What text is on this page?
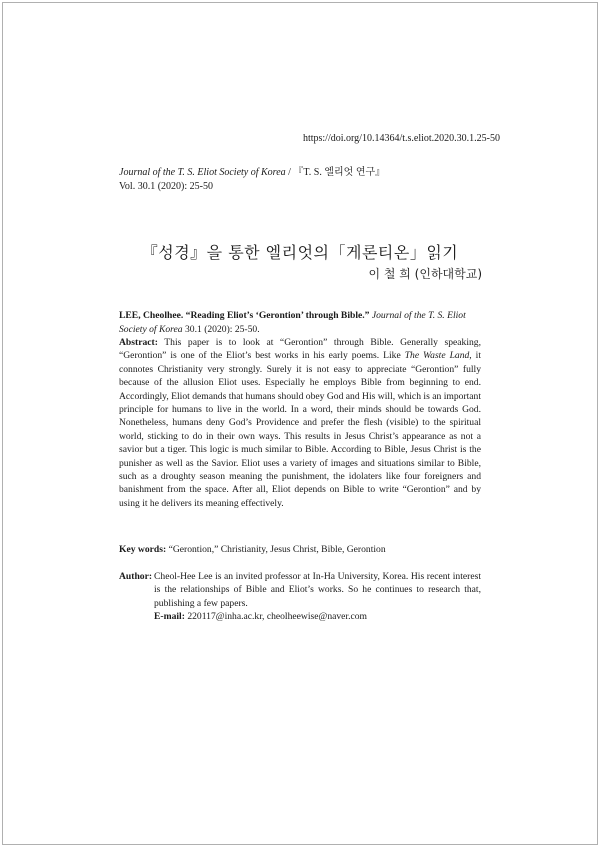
https://doi.org/10.14364/t.s.eliot.2020.30.1.25-50
Journal of the T. S. Eliot Society of Korea / 『T. S. 엘리엇 연구』
Vol. 30.1 (2020): 25-50
『성경』을 통한 엘리엇의「게론티온」읽기
이 철 희 (인하대학교)
LEE, Cheolhee. “Reading Eliot’s ‘Gerontion’ through Bible.” Journal of the T. S. Eliot Society of Korea 30.1 (2020): 25-50.
Abstract: This paper is to look at “Gerontion” through Bible. Generally speaking, “Gerontion” is one of the Eliot’s best works in his early poems. Like The Waste Land, it connotes Christianity very strongly. Surely it is not easy to appreciate “Gerontion” fully because of the allusion Eliot uses. Especially he employs Bible from beginning to end. Accordingly, Eliot demands that humans should obey God and His will, which is an important principle for humans to live in the world. In a word, their minds should be towards God. Nonetheless, humans deny God’s Providence and prefer the flesh (visible) to the spiritual world, sticking to do in their own ways. This results in Jesus Christ’s appearance as not a savior but a tiger. This logic is much similar to Bible. According to Bible, Jesus Christ is the punisher as well as the Savior. Eliot uses a variety of images and situations similar to Bible, such as a droughty season meaning the punishment, the idolaters like four foreigners and banishment from the space. After all, Eliot depends on Bible to write “Gerontion” and by using it he delivers its meaning effectively.
Key words: “Gerontion,” Christianity, Jesus Christ, Bible, Gerontion
Author: Cheol-Hee Lee is an invited professor at In-Ha University, Korea. His recent interest is the relationships of Bible and Eliot’s works. So he continues to research that, publishing a few papers.
E-mail: 220117@inha.ac.kr, cheolheewise@naver.com
